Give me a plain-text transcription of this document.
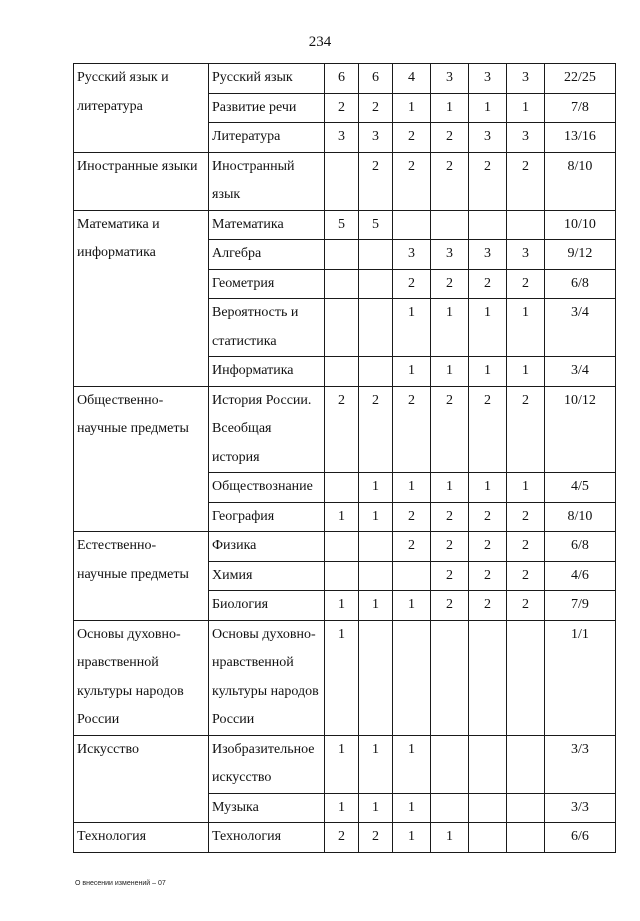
234
Русский язык и литература	Русский язык	6	6	4	3	3	3	22/25
	Развитие речи	2	2	1	1	1	1	7/8
	Литература	3	3	2	2	3	3	13/16
Иностранные языки	Иностранный язык		2	2	2	2	2	8/10
Математика и информатика	Математика	5	5					10/10
	Алгебра			3	3	3	3	9/12
	Геометрия			2	2	2	2	6/8
	Вероятность и статистика			1	1	1	1	3/4
	Информатика			1	1	1	1	3/4
Общественно-научные предметы	История России. Всеобщая история	2	2	2	2	2	2	10/12
	Обществознание		1	1	1	1	1	4/5
	География	1	1	2	2	2	2	8/10
Естественно-научные предметы	Физика			2	2	2	2	6/8
	Химия				2	2	2	4/6
	Биология	1	1	1	2	2	2	7/9
Основы духовно-нравственной культуры народов России	Основы духовно-нравственной культуры народов России	1						1/1
Искусство	Изобразительное искусство	1	1	1				3/3
	Музыка	1	1	1				3/3
Технология	Технология	2	2	1	1			6/6
О внесении изменений – 07
